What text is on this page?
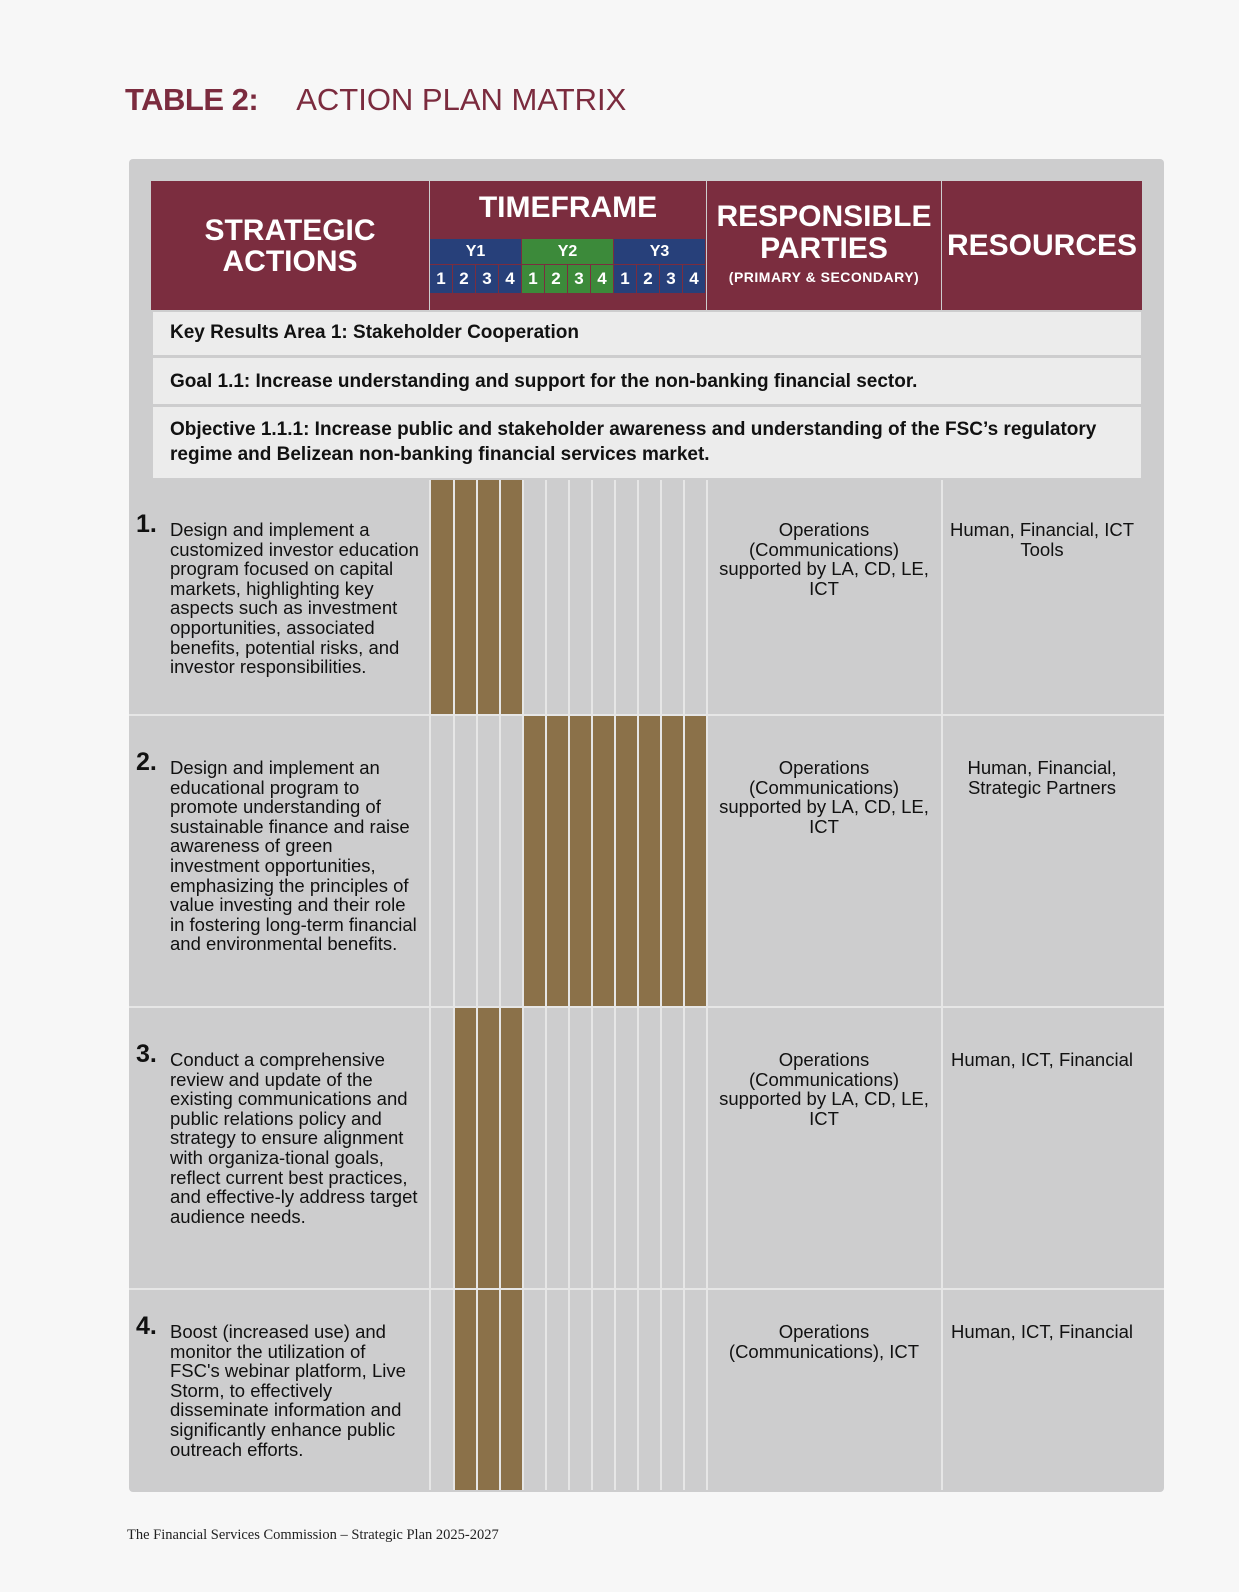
TABLE 2: ACTION PLAN MATRIX
STRATEGIC ACTIONS
TIMEFRAME
Y1
1 2 3 4
Y2
1 2 3 4
Y3
1 2 3 4
RESPONSIBLE PARTIES
(PRIMARY & SECONDARY)
RESOURCES
Key Results Area 1: Stakeholder Cooperation
Goal 1.1: Increase understanding and support for the non-banking financial sector.
Objective 1.1.1: Increase public and stakeholder awareness and understanding of the FSC’s regulatory regime and Belizean non-banking financial services market.
1. Design and implement a customized investor education program focused on capital markets, highlighting key aspects such as investment opportunities, associated benefits, potential risks, and investor responsibilities.
Operations (Communications) supported by LA, CD, LE, ICT
Human, Financial, ICT Tools
2. Design and implement an educational program to promote understanding of sustainable finance and raise awareness of green investment opportunities, emphasizing the principles of value investing and their role in fostering long-term financial and environmental benefits.
Operations (Communications) supported by LA, CD, LE, ICT
Human, Financial, Strategic Partners
3. Conduct a comprehensive review and update of the existing communications and public relations policy and strategy to ensure alignment with organiza-tional goals, reflect current best practices, and effective-ly address target audience needs.
Operations (Communications) supported by LA, CD, LE, ICT
Human, ICT, Financial
4. Boost (increased use) and monitor the utilization of FSC's webinar platform, Live Storm, to effectively disseminate information and significantly enhance public outreach efforts.
Operations (Communications), ICT
Human, ICT, Financial
The Financial Services Commission – Strategic Plan 2025-2027
